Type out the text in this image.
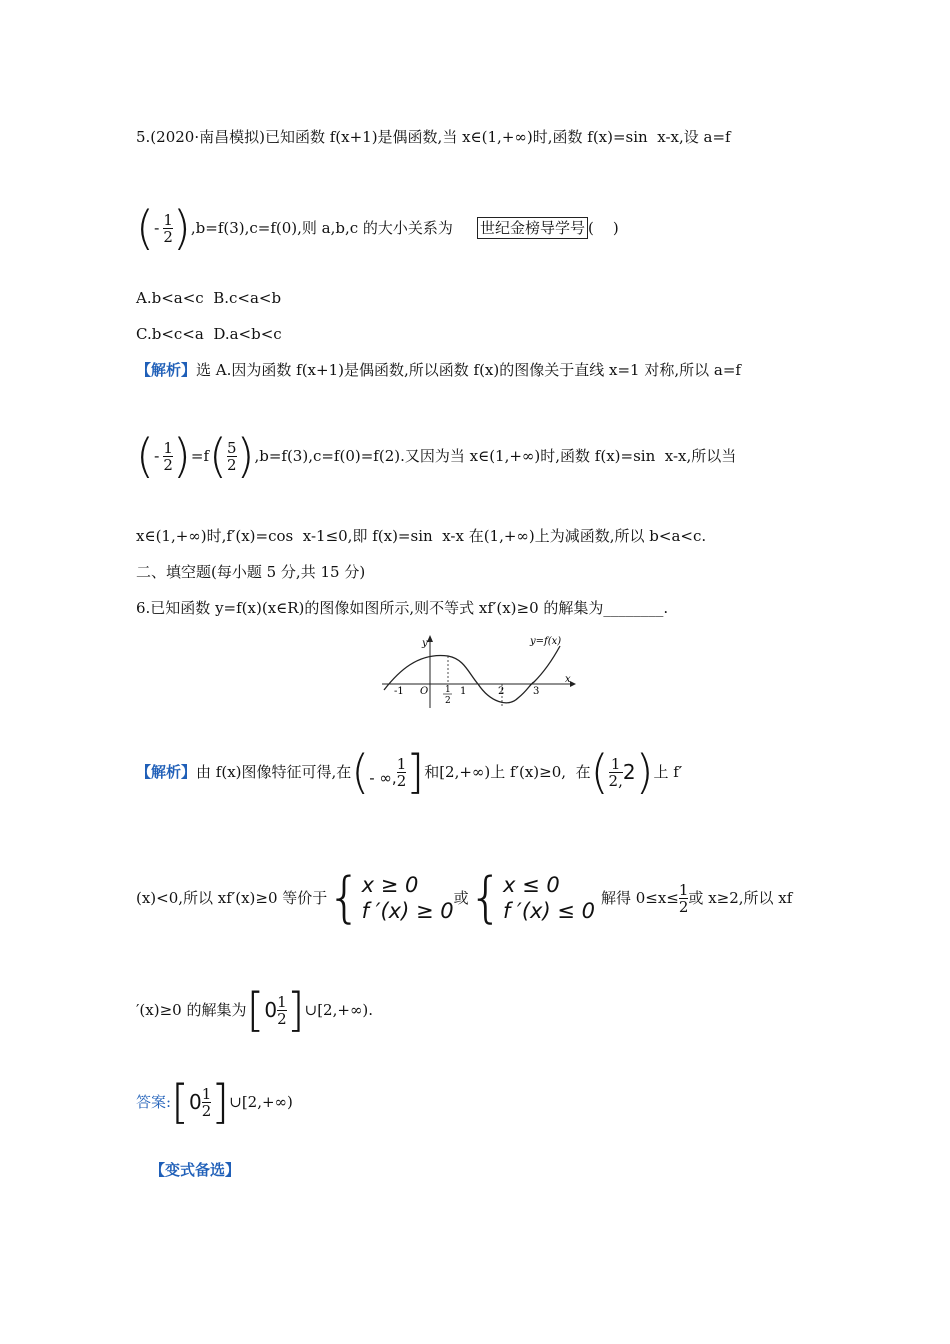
5.(2020·南昌模拟)已知函数 f(x+1)是偶函数,当 x∈(1,+∞)时,函数 f(x)=sin  x-x,设 a=f
( - $\frac{1}{2}$ ) ,b=f(3),c=f(0),则 a,b,c 的大小关系为 世纪金榜导学号 (    )
A.b<a<c  B.c<a<b
C.b<c<a  D.a<b<c
【解析】选 A.因为函数 f(x+1)是偶函数,所以函数 f(x)的图像关于直线 x=1 对称,所以 a=f
( - $\frac{1}{2}$ ) =f ( $\frac{5}{2}$ ) ,b=f(3),c=f(0)=f(2).又因为当 x∈(1,+∞)时,函数 f(x)=sin  x-x,所以当
x∈(1,+∞)时,f′(x)=cos  x-1≤0,即 f(x)=sin  x-x 在(1,+∞)上为减函数,所以 b<a<c.
二、填空题(每小题 5 分,共 15 分)
6.已知函数 y=f(x)(x∈R)的图像如图所示,则不等式 xf′(x)≥0 的解集为________.
y
x
O
y=f(x)
-1	1	2	3
1
2
【解析】 由 f(x)图像特征可得,在 ( - ∞, $\frac{1}{2}$ ] 和[2,+∞)上 f′(x)≥0,  在 ( $\frac{1}{2,} 2$ ) 上 f′
(x)<0,所以 xf′(x)≥0 等价于 { x ≥ 0
f ′(x) ≥ 0
或 { x ≤ 0
f ′(x) ≤ 0
解得 $0\le x\le \frac{1}{2}$ 或 x≥2,所以 xf
′(x)≥0 的解集为 [ $0 \frac{1}{2}$ ] ∪[2,+∞).
答案: [ $0 \frac{1}{2}$ ] ∪[2,+∞)
【变式备选】
